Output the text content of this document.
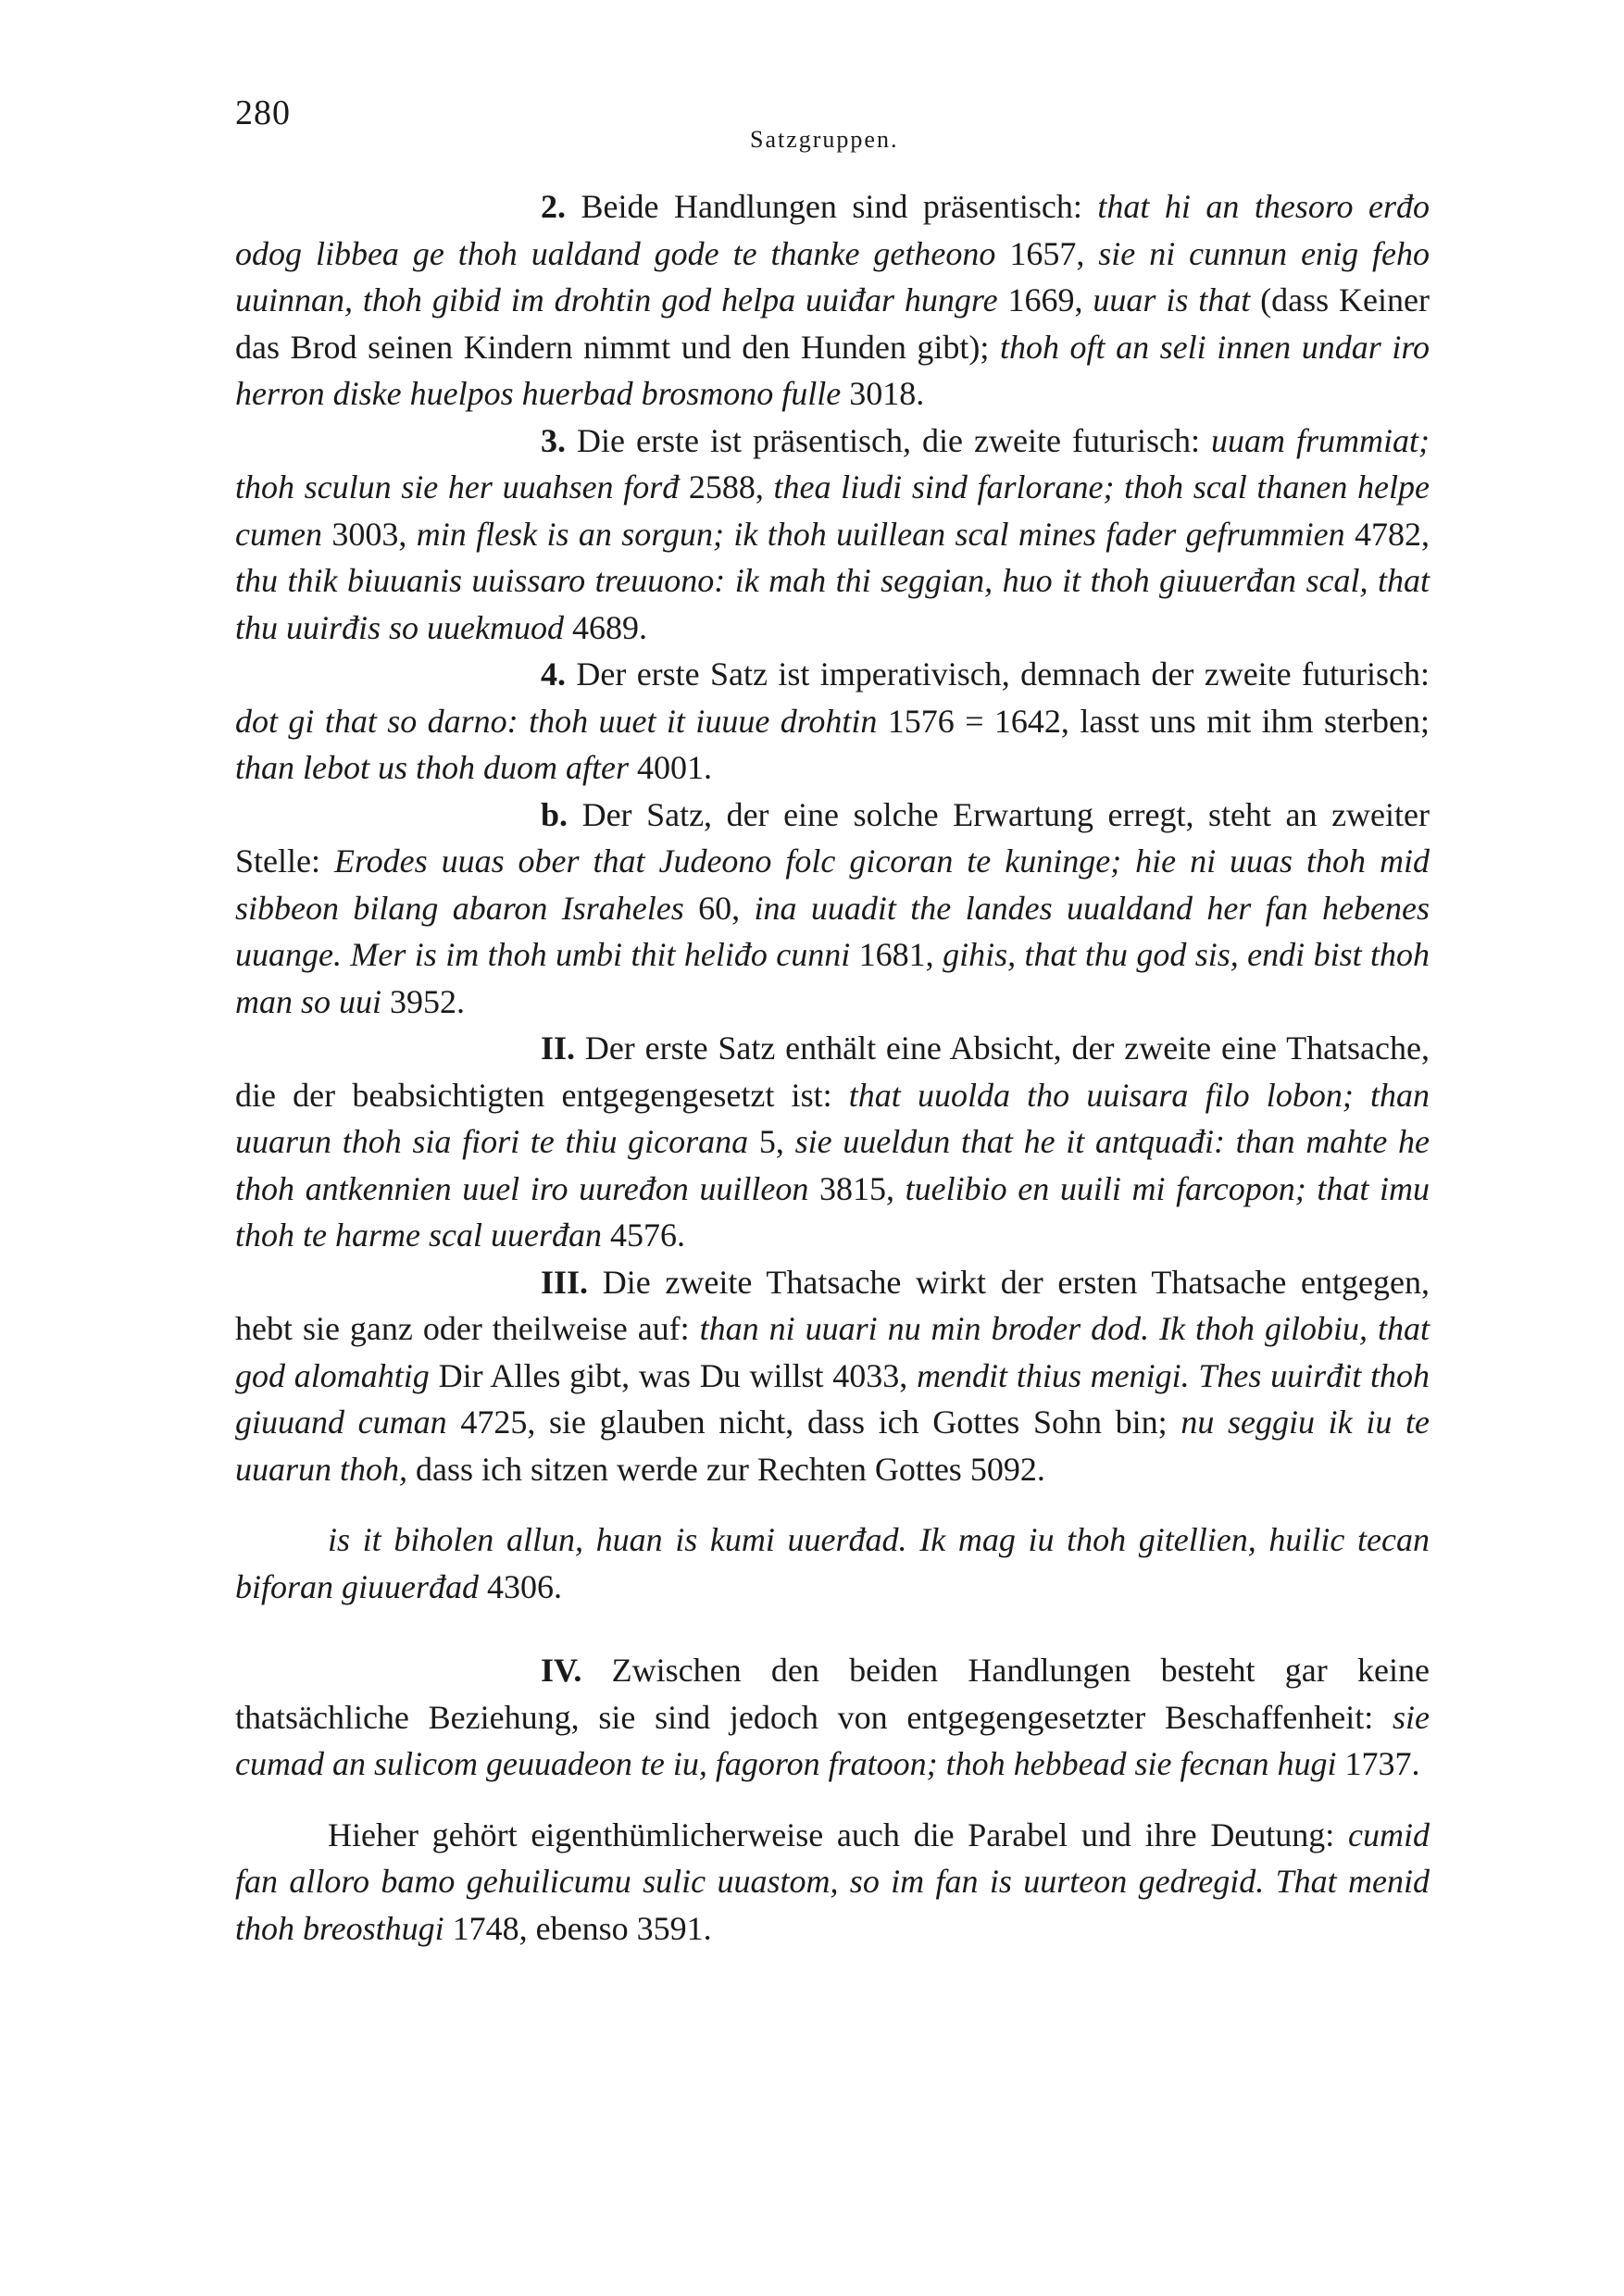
280
Satzgruppen.

2. Beide Handlungen sind präsentisch: that hi an thesoro erđo odog libbea ge thoh ualdand gode te thanke getheono 1657, sie ni cunnun enig feho uuinnan, thoh gibid im drohtin god helpa uuiđar hungre 1669, uuar is that (dass Keiner das Brod seinen Kindern nimmt und den Hunden gibt); thoh oft an seli innen undar iro herron diske huelpos huerbad brosmono fulle 3018.

3. Die erste ist präsentisch, die zweite futurisch: uuam frummiat; thoh sculun sie her uuahsen forđ 2588, thea liudi sind farlorane; thoh scal thanen helpe cumen 3003, min flesk is an sorgun; ik thoh uuillean scal mines fader gefrummien 4782, thu thik biuuanis uuissaro treuuono: ik mah thi seggian, huo it thoh giuuerđan scal, that thu uuirđis so uuekmuod 4689.

4. Der erste Satz ist imperativisch, demnach der zweite futurisch: dot gi that so darno: thoh uuet it iuuue drohtin 1576 = 1642, lasst uns mit ihm sterben; than lebot us thoh duom after 4001.

b. Der Satz, der eine solche Erwartung erregt, steht an zweiter Stelle: Erodes uuas ober that Judeono folc gicoran te kuninge; hie ni uuas thoh mid sibbeon bilang abaron Israheles 60, ina uuadit the landes uualdand her fan hebenes uuange. Mer is im thoh umbi thit heliđo cunni 1681, gihis, that thu god sis, endi bist thoh man so uui 3952.

II. Der erste Satz enthält eine Absicht, der zweite eine Thatsache, die der beabsichtigten entgegengesetzt ist: that uuolda tho uuisara filo lobon; than uuarun thoh sia fiori te thiu gicorana 5, sie uueldun that he it antquađi: than mahte he thoh antkennien uuel iro uuređon uuilleon 3815, tuelibio en uuili mi farcopon; that imu thoh te harme scal uuerđan 4576.

III. Die zweite Thatsache wirkt der ersten Thatsache entgegen, hebt sie ganz oder theilweise auf: than ni uuari nu min broder dod. Ik thoh gilobiu, that god alomahtig Dir Alles gibt, was Du willst 4033, mendit thius menigi. Thes uuirđit thoh giuuand cuman 4725, sie glauben nicht, dass ich Gottes Sohn bin; nu seggiu ik iu te uuarun thoh, dass ich sitzen werde zur Rechten Gottes 5092.

is it biholen allun, huan is kumi uuerđad. Ik mag iu thoh gitellien, huilic tecan biforan giuuerđad 4306.

IV. Zwischen den beiden Handlungen besteht gar keine thatsächliche Beziehung, sie sind jedoch von entgegengesetzter Beschaffenheit: sie cumad an sulicom geuuadeon te iu, fagoron fratoon; thoh hebbead sie fecnan hugi 1737.

Hieher gehört eigenthümlicherweise auch die Parabel und ihre Deutung: cumid fan alloro bamo gehuilicumu sulic uuastom, so im fan is uurteon gedregid. That menid thoh breosthugi 1748, ebenso 3591.
